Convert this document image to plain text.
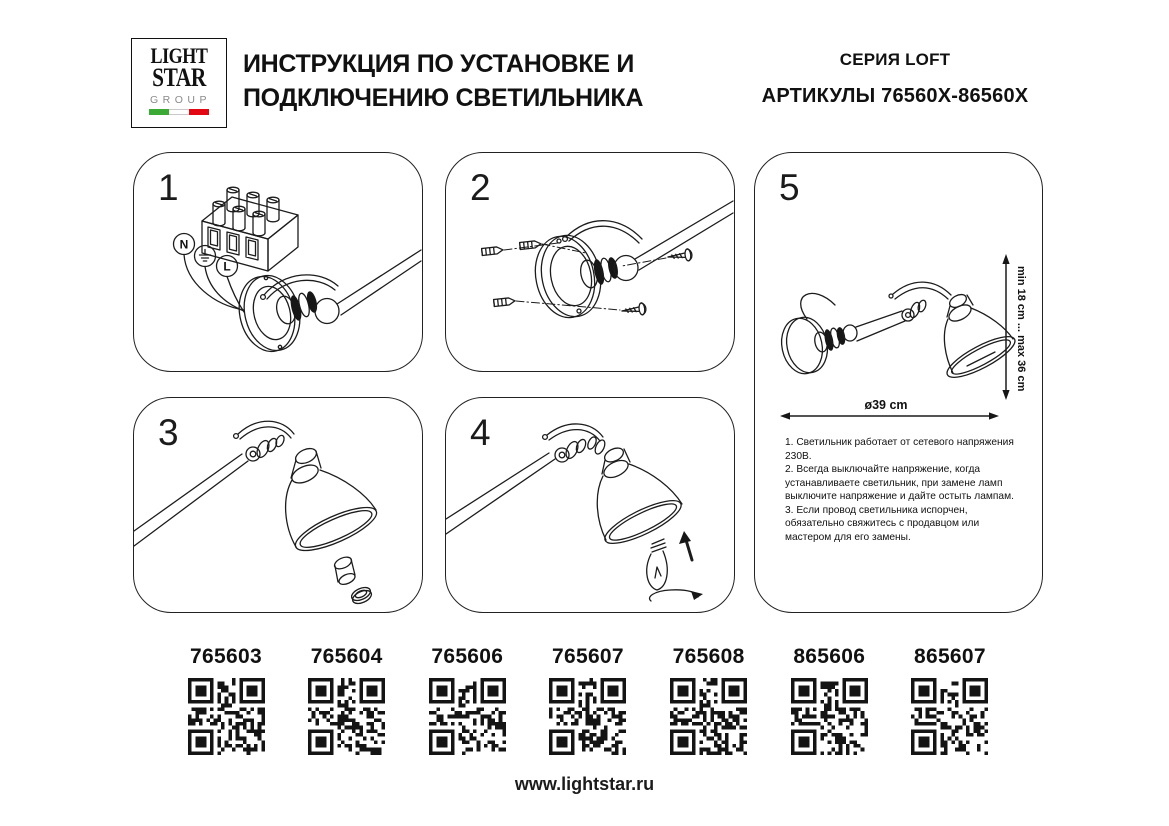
LIGHT
STAR
GROUP
ИНСТРУКЦИЯ ПО УСТАНОВКЕ И
ПОДКЛЮЧЕНИЮ СВЕТИЛЬНИКА
СЕРИЯ LOFT
АРТИКУЛЫ 76560X-86560X
1
N
L
2
3	4
5
min 18 cm ... max 36 cm
ø39 cm

1. Светильник работает от сетевого напряжения 230В.

2. Всегда выключайте напряжение, когда устанавливаете светильник, при замене ламп выключите напряжение и дайте остыть лампам.

3. Если провод светильника испорчен, обязательно свяжитесь с продавцом или мастером для его замены.

765603 765604 765606 765607 765608 865606 865607
www.lightstar.ru
